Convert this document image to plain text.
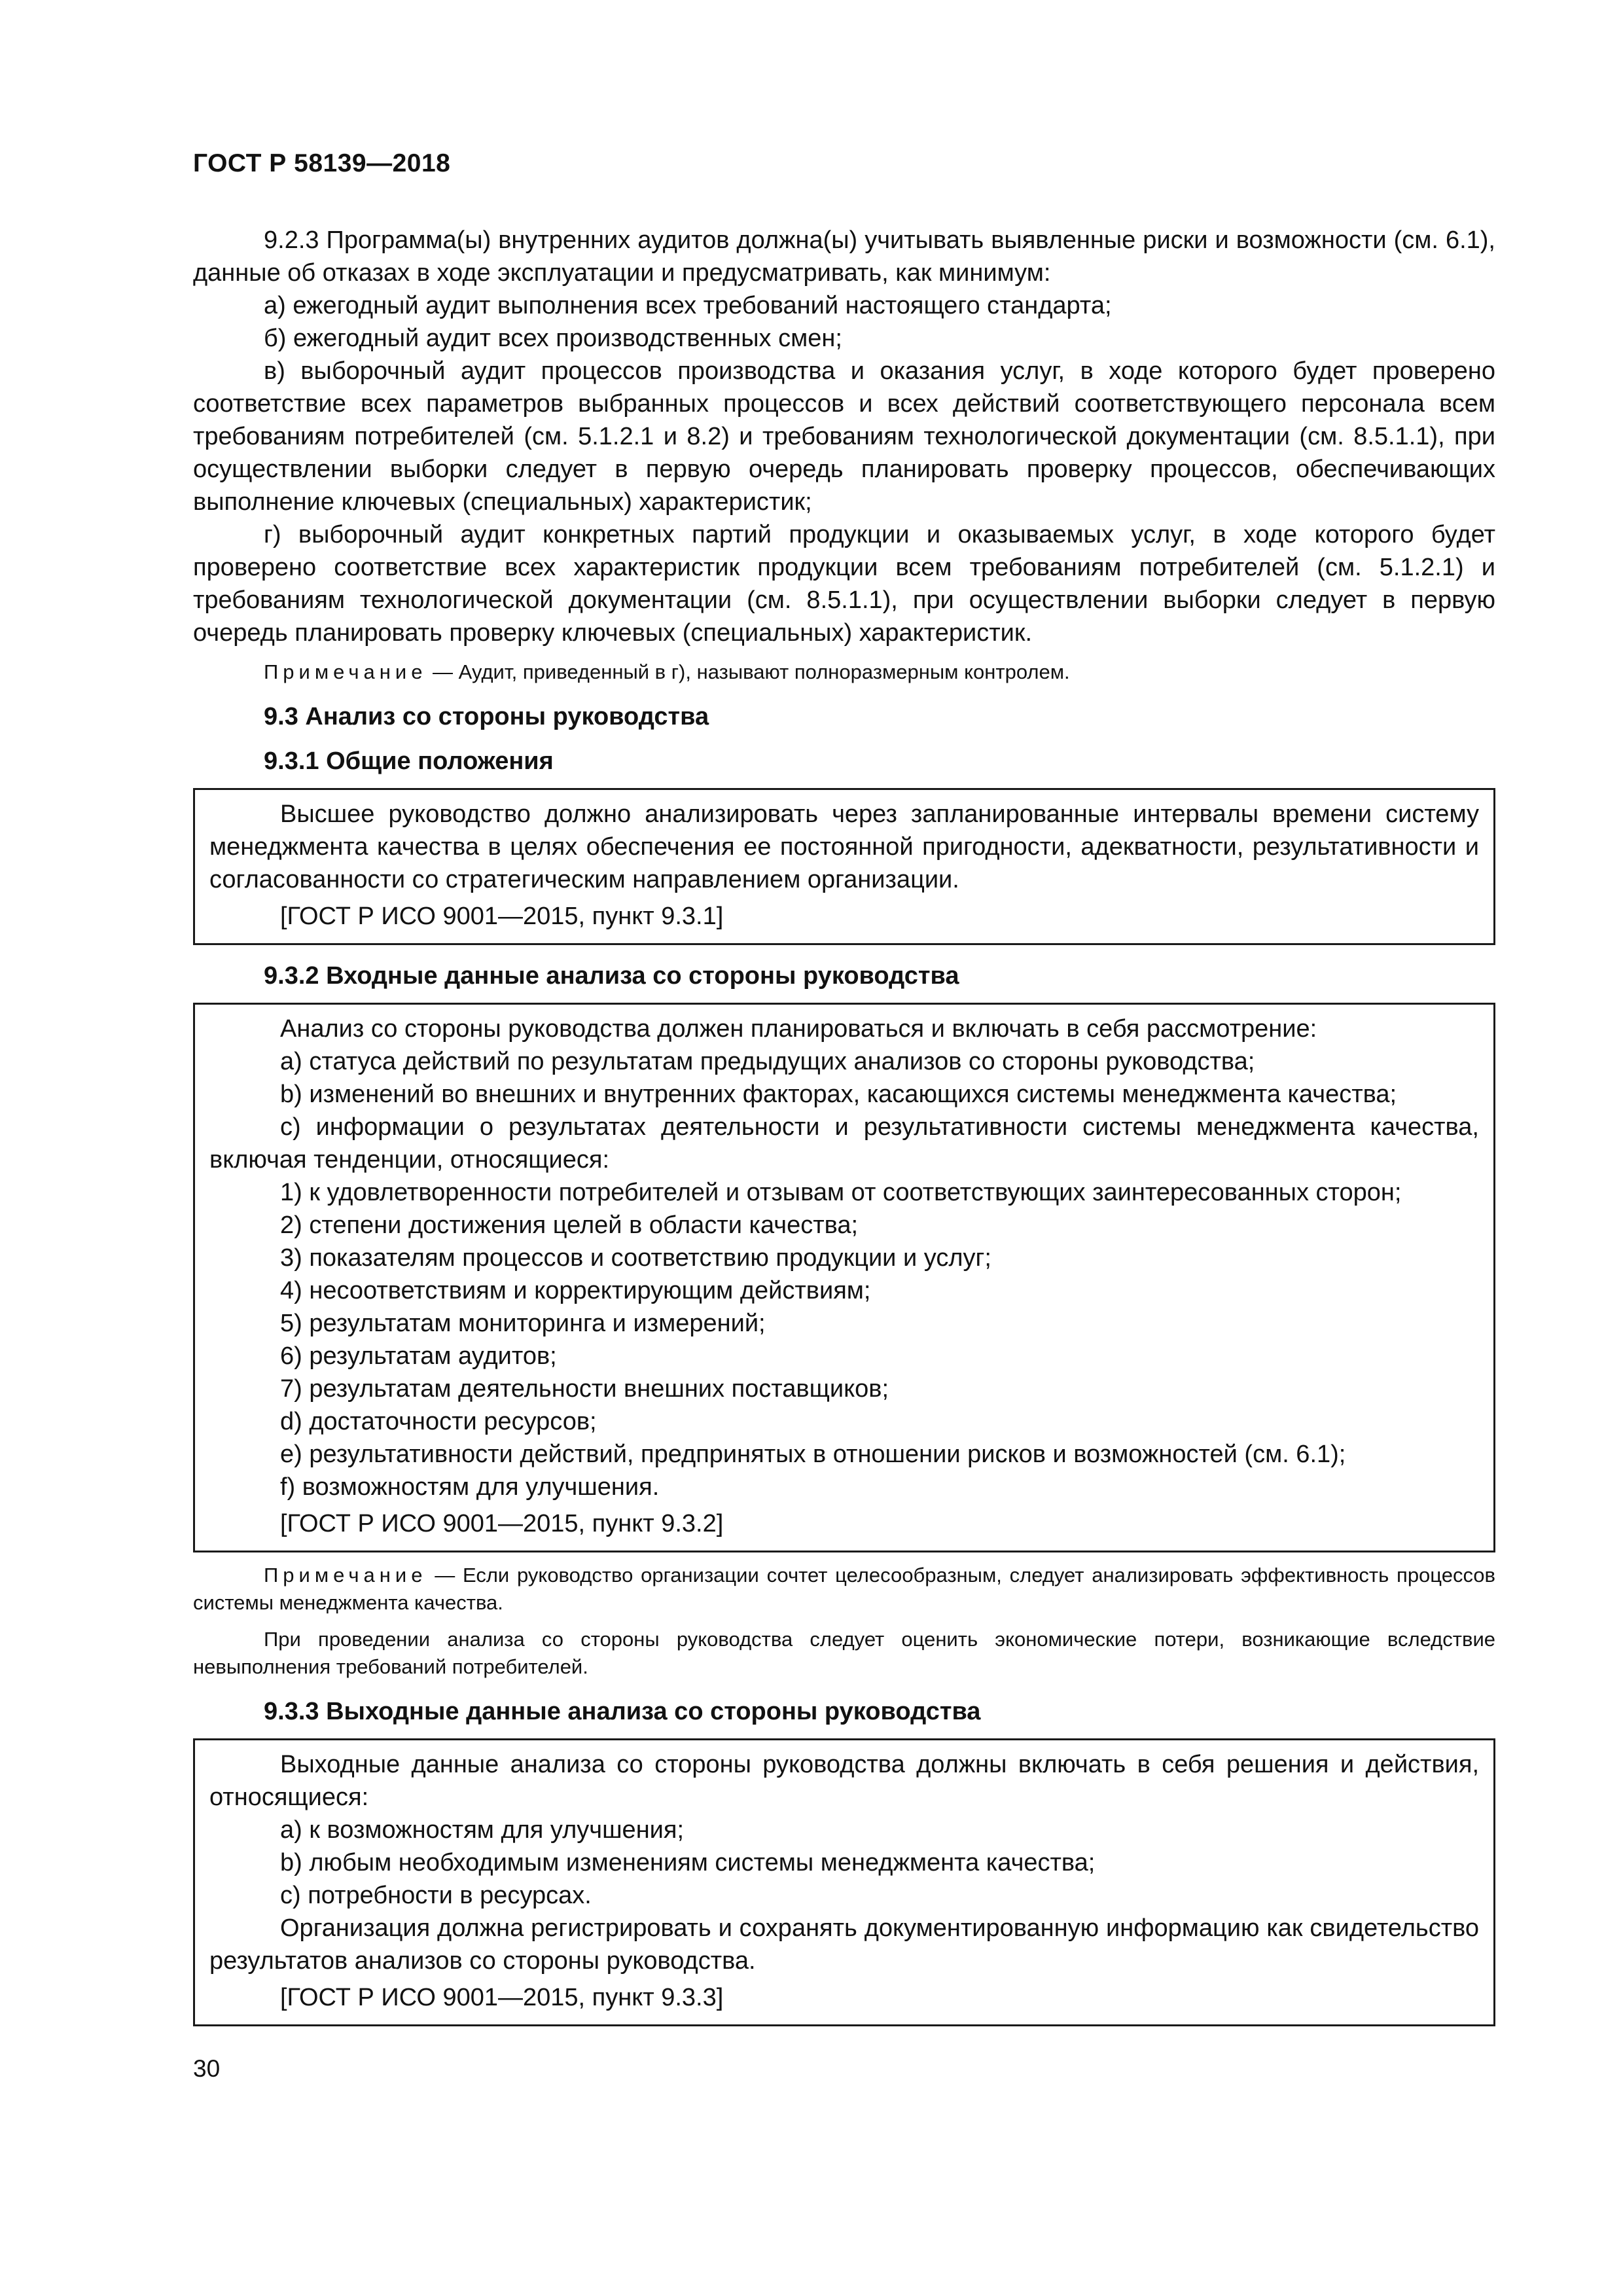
ГОСТ Р 58139—2018

9.2.3 Программа(ы) внутренних аудитов должна(ы) учитывать выявленные риски и возможности (см. 6.1), данные об отказах в ходе эксплуатации и предусматривать, как минимум:

а) ежегодный аудит выполнения всех требований настоящего стандарта;

б) ежегодный аудит всех производственных смен;

в) выборочный аудит процессов производства и оказания услуг, в ходе которого будет проверено соответствие всех параметров выбранных процессов и всех действий соответствующего персонала всем требованиям потребителей (см. 5.1.2.1 и 8.2) и требованиям технологической документации (см. 8.5.1.1), при осуществлении выборки следует в первую очередь планировать проверку процессов, обеспечивающих выполнение ключевых (специальных) характеристик;

г) выборочный аудит конкретных партий продукции и оказываемых услуг, в ходе которого будет проверено соответствие всех характеристик продукции всем требованиям потребителей (см. 5.1.2.1) и требованиям технологической документации (см. 8.5.1.1), при осуществлении выборки следует в первую очередь планировать проверку ключевых (специальных) характеристик.

Примечание — Аудит, приведенный в г), называют полноразмерным контролем.

9.3 Анализ со стороны руководства

9.3.1 Общие положения

Высшее руководство должно анализировать через запланированные интервалы времени систему менеджмента качества в целях обеспечения ее постоянной пригодности, адекватности, результативности и согласованности со стратегическим направлением организации.

[ГОСТ Р ИСО 9001—2015, пункт 9.3.1]

9.3.2 Входные данные анализа со стороны руководства

Анализ со стороны руководства должен планироваться и включать в себя рассмотрение:

a) статуса действий по результатам предыдущих анализов со стороны руководства;

b) изменений во внешних и внутренних факторах, касающихся системы менеджмента качества;

c) информации о результатах деятельности и результативности системы менеджмента качества, включая тенденции, относящиеся:

1) к удовлетворенности потребителей и отзывам от соответствующих заинтересованных сторон;

2) степени достижения целей в области качества;

3) показателям процессов и соответствию продукции и услуг;

4) несоответствиям и корректирующим действиям;

5) результатам мониторинга и измерений;

6) результатам аудитов;

7) результатам деятельности внешних поставщиков;

d) достаточности ресурсов;

e) результативности действий, предпринятых в отношении рисков и возможностей (см. 6.1);

f) возможностям для улучшения.

[ГОСТ Р ИСО 9001—2015, пункт 9.3.2]

Примечание — Если руководство организации сочтет целесообразным, следует анализировать эффективность процессов системы менеджмента качества.

При проведении анализа со стороны руководства следует оценить экономические потери, возникающие вследствие невыполнения требований потребителей.

9.3.3 Выходные данные анализа со стороны руководства

Выходные данные анализа со стороны руководства должны включать в себя решения и действия, относящиеся:

a) к возможностям для улучшения;

b) любым необходимым изменениям системы менеджмента качества;

c) потребности в ресурсах.

Организация должна регистрировать и сохранять документированную информацию как свидетельство результатов анализов со стороны руководства.

[ГОСТ Р ИСО 9001—2015, пункт 9.3.3]

30
